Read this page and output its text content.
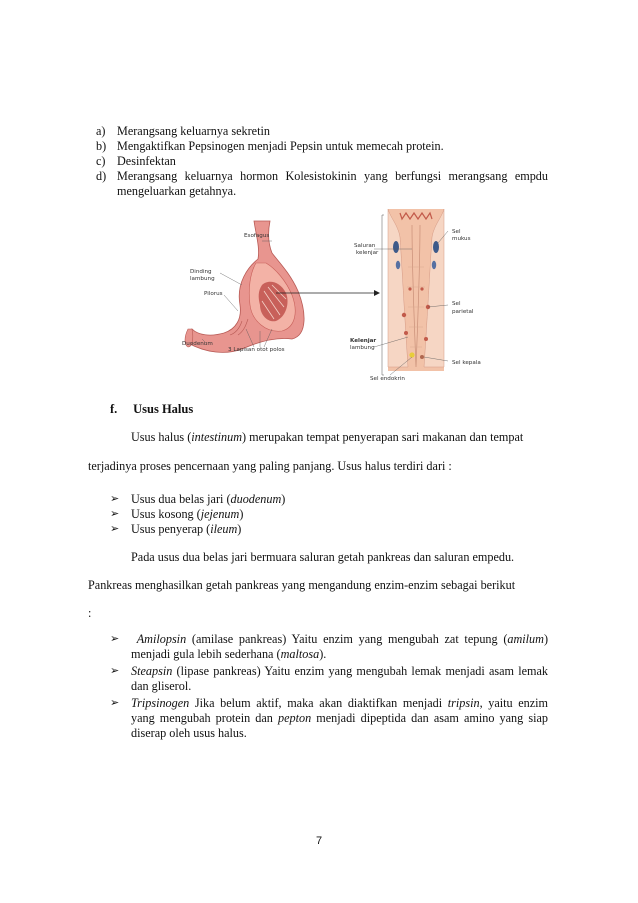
a) Merangsang keluarnya sekretin
b) Mengaktifkan Pepsinogen menjadi Pepsin untuk memecah protein.
c) Desinfektan
d) Merangsang keluarnya hormon Kolesistokinin yang berfungsi merangsang empdu mengeluarkan getahnya.
Esofagus
Dinding
lambung
Pilorus
Duodenum
3 Lapisan otot polos
Saluran
kelenjar
Kelenjar
lambung
Sel
mukus
Sel
parietal
Sel kepala
Sel endokrin
f. Usus Halus
Usus halus (intestinum) merupakan tempat penyerapan sari makanan dan tempat
terjadinya proses pencernaan yang paling panjang. Usus halus terdiri dari :
➢ Usus dua belas jari (duodenum)
➢ Usus kosong (jejenum)
➢ Usus penyerap (ileum)
Pada usus dua belas jari bermuara saluran getah pankreas dan saluran empedu.
Pankreas menghasilkan getah pankreas yang mengandung enzim-enzim sebagai berikut
:
➢	Amilopsin (amilase pankreas) Yaitu enzim yang mengubah zat tepung (amilum) menjadi gula lebih sederhana (maltosa).
➢ Steapsin (lipase pankreas) Yaitu enzim yang mengubah lemak menjadi asam lemak dan gliserol.
➢ Tripsinogen Jika belum aktif, maka akan diaktifkan menjadi tripsin, yaitu enzim yang mengubah protein dan pepton menjadi dipeptida dan asam amino yang siap diserap oleh usus halus.
7
